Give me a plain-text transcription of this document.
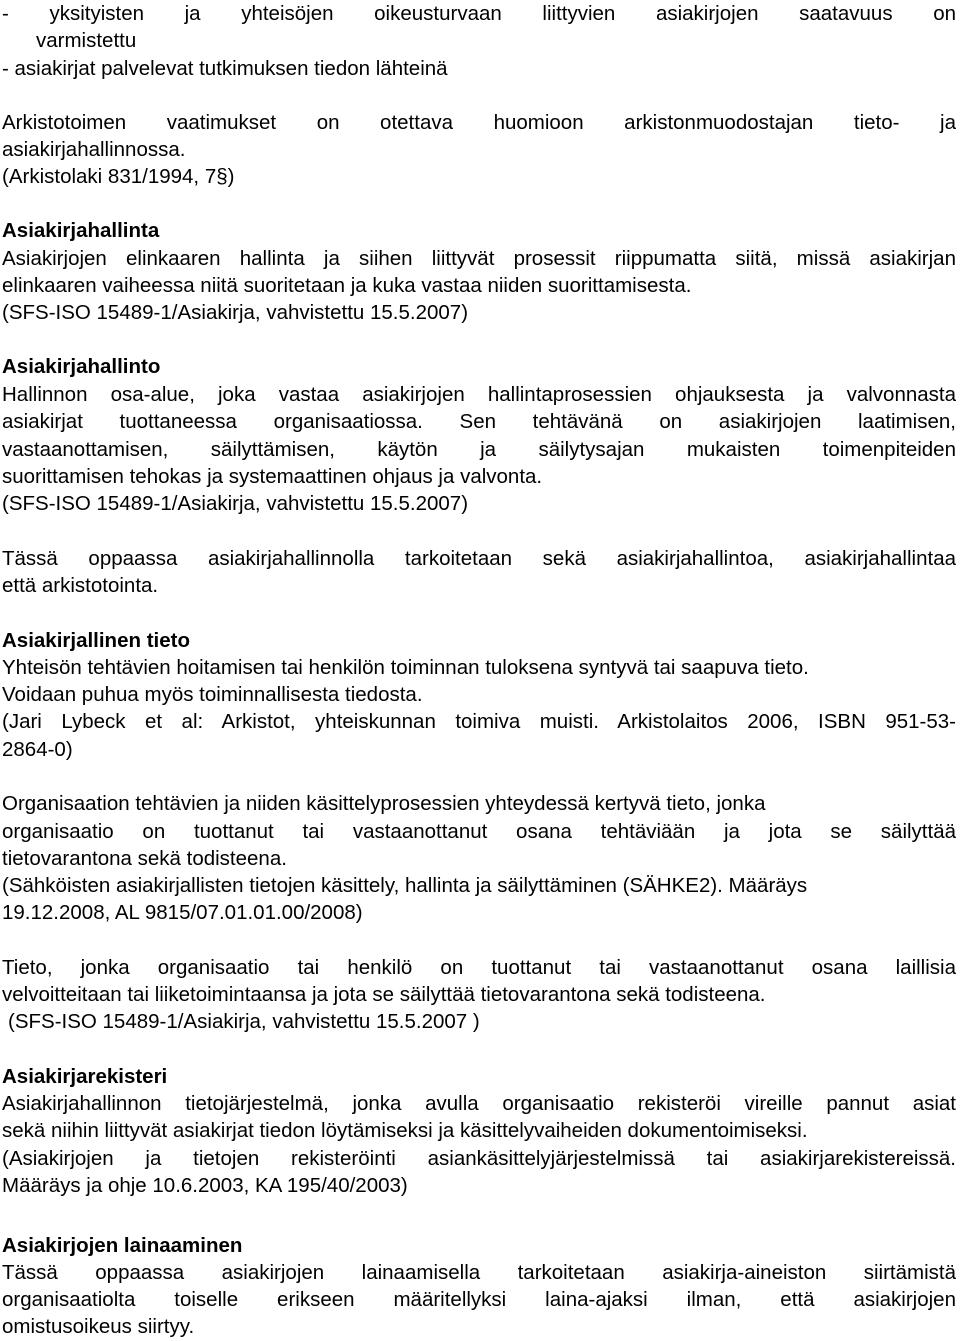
- yksityisten ja yhteisöjen oikeusturvaan liittyvien asiakirjojen saatavuus on
varmistettu
- asiakirjat palvelevat tutkimuksen tiedon lähteinä
Arkistotoimen vaatimukset on otettava huomioon arkistonmuodostajan tieto- ja
asiakirjahallinnossa.
(Arkistolaki 831/1994, 7§)
Asiakirjahallinta
Asiakirjojen elinkaaren hallinta ja siihen liittyvät prosessit riippumatta siitä, missä asiakirjan
elinkaaren vaiheessa niitä suoritetaan ja kuka vastaa niiden suorittamisesta.
(SFS-ISO 15489-1/Asiakirja, vahvistettu 15.5.2007)
Asiakirjahallinto
Hallinnon osa-alue, joka vastaa asiakirjojen hallintaprosessien ohjauksesta ja valvonnasta
asiakirjat tuottaneessa organisaatiossa. Sen tehtävänä on asiakirjojen laatimisen,
vastaanottamisen, säilyttämisen, käytön ja säilytysajan mukaisten toimenpiteiden
suorittamisen tehokas ja systemaattinen ohjaus ja valvonta.
(SFS-ISO 15489-1/Asiakirja, vahvistettu 15.5.2007)
Tässä oppaassa asiakirjahallinnolla tarkoitetaan sekä asiakirjahallintoa, asiakirjahallintaa
että arkistotointa.
Asiakirjallinen tieto
Yhteisön tehtävien hoitamisen tai henkilön toiminnan tuloksena syntyvä tai saapuva tieto.
Voidaan puhua myös toiminnallisesta tiedosta.
(Jari Lybeck et al: Arkistot, yhteiskunnan toimiva muisti. Arkistolaitos 2006, ISBN 951-53-
2864-0)
Organisaation tehtävien ja niiden käsittelyprosessien yhteydessä kertyvä tieto, jonka
organisaatio on tuottanut tai vastaanottanut osana tehtäviään ja jota se säilyttää
tietovarantona sekä todisteena.
(Sähköisten asiakirjallisten tietojen käsittely, hallinta ja säilyttäminen (SÄHKE2). Määräys
19.12.2008, AL 9815/07.01.01.00/2008)
Tieto, jonka organisaatio tai henkilö on tuottanut tai vastaanottanut osana laillisia
velvoitteitaan tai liiketoimintaansa ja jota se säilyttää tietovarantona sekä todisteena.
(SFS-ISO 15489-1/Asiakirja, vahvistettu 15.5.2007 )
Asiakirjarekisteri
Asiakirjahallinnon tietojärjestelmä, jonka avulla organisaatio rekisteröi vireille pannut asiat
sekä niihin liittyvät asiakirjat tiedon löytämiseksi ja käsittelyvaiheiden dokumentoimiseksi.
(Asiakirjojen ja tietojen rekisteröinti asiankäsittelyjärjestelmissä tai asiakirjarekistereissä.
Määräys ja ohje 10.6.2003, KA 195/40/2003)
Asiakirjojen lainaaminen
Tässä oppaassa asiakirjojen lainaamisella tarkoitetaan asiakirja-aineiston siirtämistä
organisaatiolta toiselle erikseen määritellyksi laina-ajaksi ilman, että asiakirjojen
omistusoikeus siirtyy.
